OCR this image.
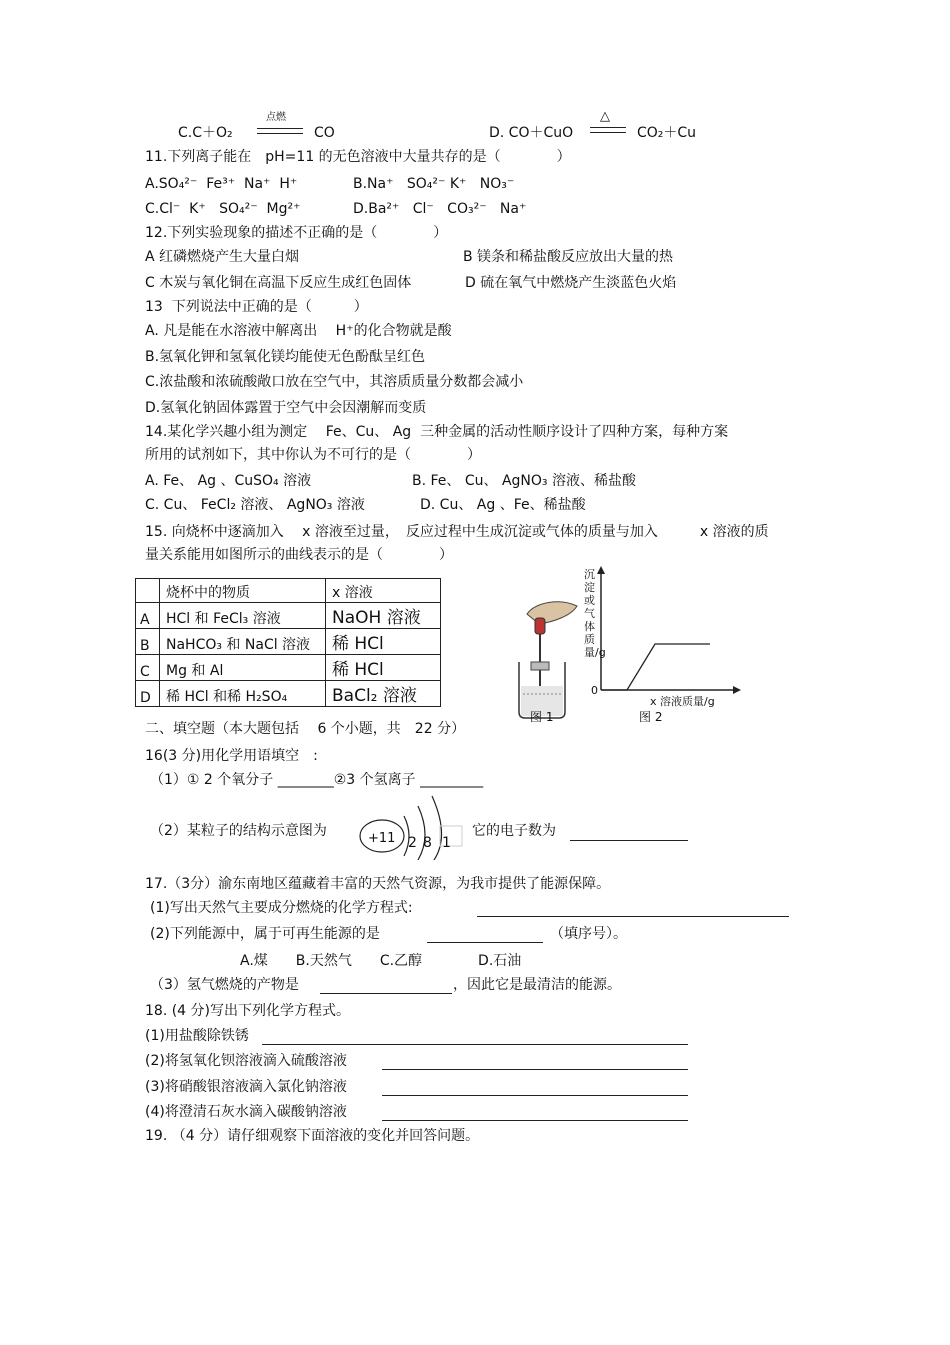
C.C＋O₂
点燃
CO	D. CO＋CuO
△
CO₂＋Cu
11.下列离子能在　pH=11 的无色溶液中大量共存的是（　　　　）
A.SO₄²⁻  Fe³⁺  Na⁺  H⁺	B.Na⁺   SO₄²⁻ K⁺   NO₃⁻
C.Cl⁻  K⁺   SO₄²⁻  Mg²⁺	D.Ba²⁺   Cl⁻   CO₃²⁻   Na⁺
12.下列实验现象的描述不正确的是（　　　　）
A 红磷燃烧产生大量白烟	B 镁条和稀盐酸反应放出大量的热
C 木炭与氧化铜在高温下反应生成红色固体	D 硫在氧气中燃烧产生淡蓝色火焰
13  下列说法中正确的是（　　　）
A. 凡是能在水溶液中解离出　 H⁺的化合物就是酸
B.氢氧化钾和氢氧化镁均能使无色酚酞呈红色
C.浓盐酸和浓硫酸敞口放在空气中，其溶质质量分数都会减小
D.氢氧化钠固体露置于空气中会因潮解而变质
14.某化学兴趣小组为测定　 Fe、Cu、 Ag  三种金属的活动性顺序设计了四种方案，每种方案
所用的试剂如下，其中你认为不可行的是（　　　　）
A. Fe、 Ag 、CuSO₄ 溶液	B. Fe、 Cu、 AgNO₃ 溶液、稀盐酸
C. Cu、 FeCl₂ 溶液、 AgNO₃ 溶液	D. Cu、 Ag 、Fe、稀盐酸
15. 向烧杯中逐滴加入　 x 溶液至过量，　反应过程中生成沉淀或气体的质量与加入　　　x 溶液的质
量关系能用如图所示的曲线表示的是（　　　　）
	烧杯中的物质	x 溶液
A	HCl 和 FeCl₃ 溶液	NaOH 溶液
B	NaHCO₃ 和 NaCl 溶液	稀 HCl
C	Mg 和 Al	稀 HCl
D	稀 HCl 和稀 H₂SO₄	BaCl₂ 溶液
沉淀或气体质量/g
0
x 溶液质量/g
图 1	图 2
二、填空题（本大题包括　 6 个小题，共　22 分）
16(3 分)用化学用语填空　:
（1）① 2 个氧分子 ________②3 个氢离子 _________
（2）某粒子的结构示意图为	+11 2 8 1
它的电子数为
17.（3分）渝东南地区蕴藏着丰富的天然气资源，为我市提供了能源保障。
(1)写出天然气主要成分燃烧的化学方程式:
(2)下列能源中，属于可再生能源的是	（填序号）。
A.煤　　B.天然气　　C.乙醇　　　　D.石油
（3）氢气燃烧的产物是	，因此它是最清洁的能源。
18. (4 分)写出下列化学方程式。
(1)用盐酸除铁锈
(2)将氢氧化钡溶液滴入硫酸溶液
(3)将硝酸银溶液滴入氯化钠溶液
(4)将澄清石灰水滴入碳酸钠溶液
19. （4 分）请仔细观察下面溶液的变化并回答问题。
